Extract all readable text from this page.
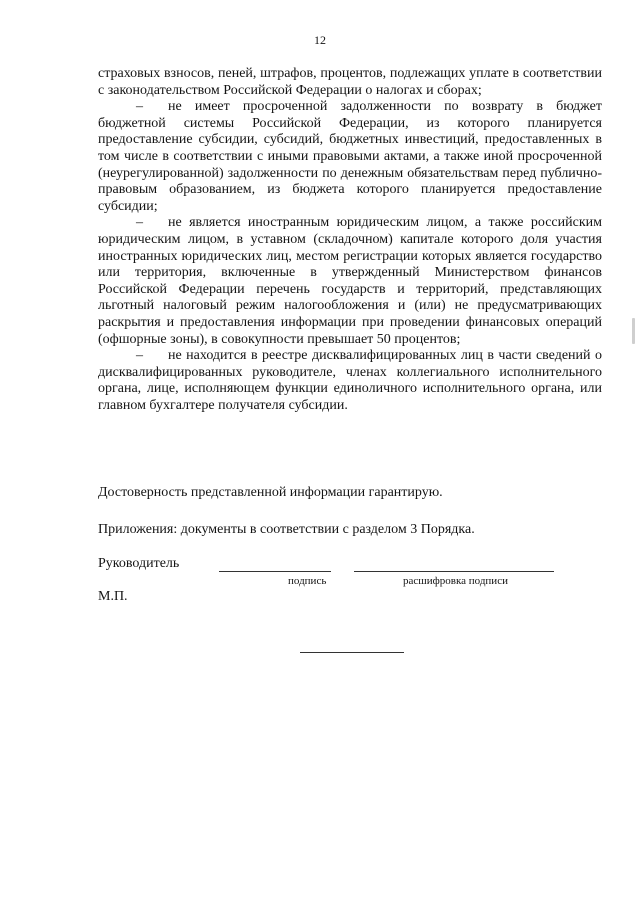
12

страховых взносов, пеней, штрафов, процентов, подлежащих уплате в соответствии с законодательством Российской Федерации о налогах и сборах;

– не имеет просроченной задолженности по возврату в бюджет бюджетной системы Российской Федерации, из которого планируется предоставление субсидии, субсидий, бюджетных инвестиций, предоставленных в том числе в соответствии с иными правовыми актами, а также иной просроченной (неурегулированной) задолженности по денежным обязательствам перед публично-правовым образованием, из бюджета которого планируется предоставление субсидии;

– не является иностранным юридическим лицом, а также российским юридическим лицом, в уставном (складочном) капитале которого доля участия иностранных юридических лиц, местом регистрации которых является государство или территория, включенные в утвержденный Министерством финансов Российской Федерации перечень государств и территорий, представляющих льготный налоговый режим налогообложения и (или) не предусматривающих раскрытия и предоставления информации при проведении финансовых операций (офшорные зоны), в совокупности превышает 50 процентов;

– не находится в реестре дисквалифицированных лиц в части сведений о дисквалифицированных руководителе, членах коллегиального исполнительного органа, лице, исполняющем функции единоличного исполнительного органа, или главном бухгалтере получателя субсидии.

Достоверность представленной информации гарантирую.
Приложения: документы в соответствии с разделом 3 Порядка.
Руководитель
подпись	расшифровка подписи
М.П.
